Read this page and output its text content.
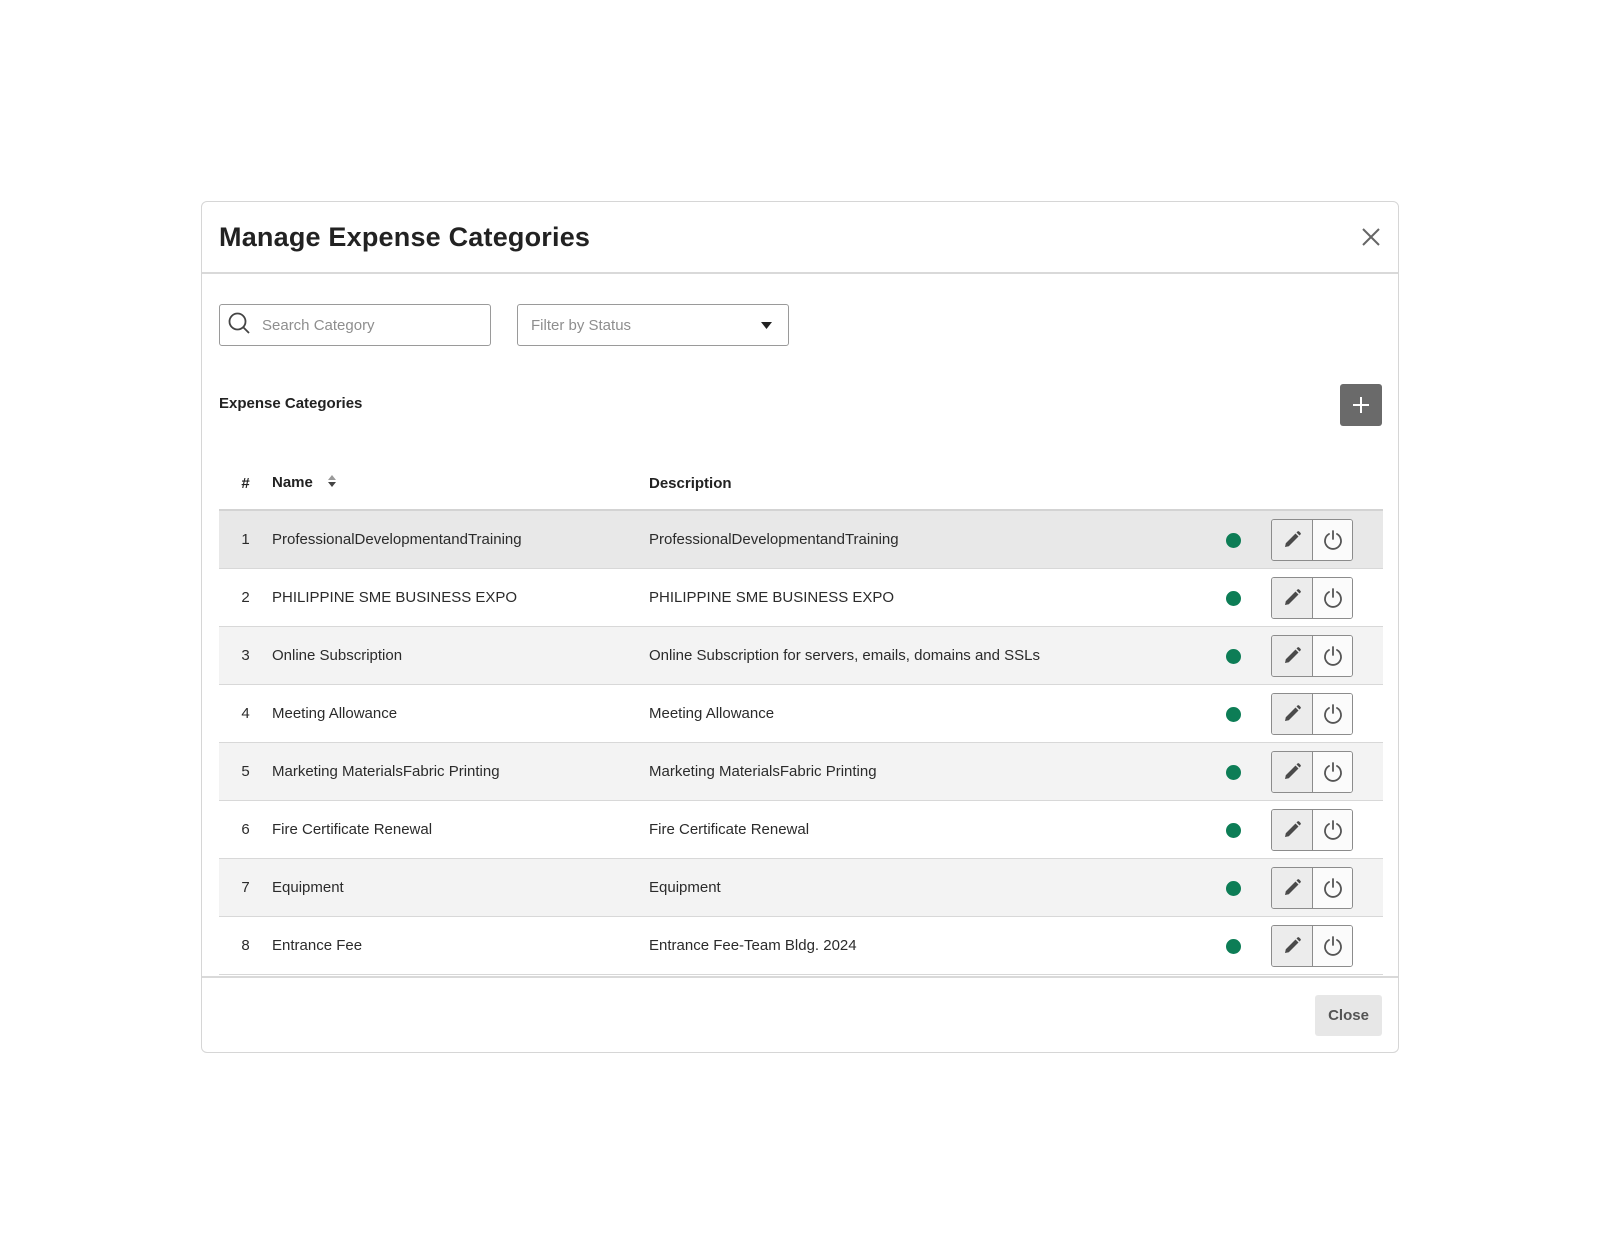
Manage Expense Categories
Search Category
Filter by Status
Expense Categories
#	Name	Description		
1	ProfessionalDevelopmentandTraining	ProfessionalDevelopmentandTraining		

2	PHILIPPINE SME BUSINESS EXPO	PHILIPPINE SME BUSINESS EXPO		

3	Online Subscription	Online Subscription for servers, emails, domains and SSLs		

4	Meeting Allowance	Meeting Allowance		

5	Marketing MaterialsFabric Printing	Marketing MaterialsFabric Printing		

6	Fire Certificate Renewal	Fire Certificate Renewal		

7	Equipment	Equipment		

8	Entrance Fee	Entrance Fee-Team Bldg. 2024		
Close
